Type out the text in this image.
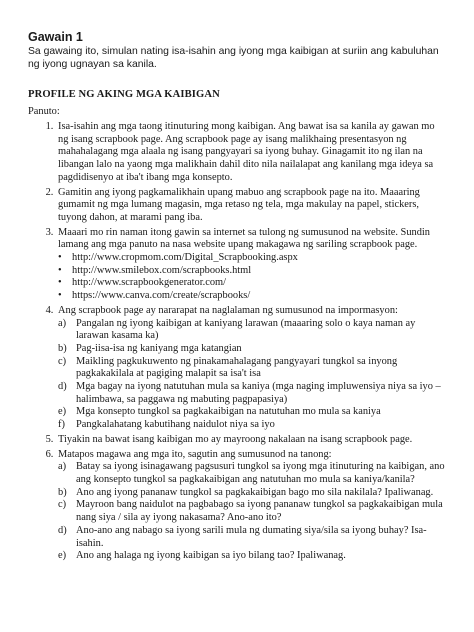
Gawain 1

Sa gawaing ito, simulan nating isa-isahin ang iyong mga kaibigan at suriin ang kabuluhan ng iyong ugnayan sa kanila.

PROFILE NG AKING MGA KAIBIGAN

Panuto:

1. Isa-isahin ang mga taong itinuturing mong kaibigan. Ang bawat isa sa kanila ay gawan mo ng isang scrapbook page. Ang scrapbook page ay isang malikhaing presentasyon ng mahahalagang mga alaala ng isang pangyayari sa iyong buhay. Ginagamit ito ng ilan na libangan lalo na yaong mga malikhain dahil dito nila nailalapat ang kanilang mga ideya sa pagdidisenyo at iba't ibang mga konsepto.
2. Gamitin ang iyong pagkamalikhain upang mabuo ang scrapbook page na ito. Maaaring gumamit ng mga lumang magasin, mga retaso ng tela, mga makulay na papel, stickers, tuyong dahon, at marami pang iba.
3. Maaari mo rin naman itong gawin sa internet sa tulong ng sumusunod na website. Sundin lamang ang mga panuto na nasa website upang makagawa ng sariling scrapbook page.
• http://www.cropmom.com/Digital_Scrapbooking.aspx
• http://www.smilebox.com/scrapbooks.html
• http://www.scrapbookgenerator.com/
• https://www.canva.com/create/scrapbooks/
4. Ang scrapbook page ay nararapat na naglalaman ng sumusunod na impormasyon:
a) Pangalan ng iyong kaibigan at kaniyang larawan (maaaring solo o kaya naman ay larawan kasama ka)
b) Pag-iisa-isa ng kaniyang mga katangian
c) Maikling pagkukuwento ng pinakamahalagang pangyayari tungkol sa inyong pagkakakilala at pagiging malapit sa isa't isa
d) Mga bagay na iyong natutuhan mula sa kaniya (mga naging impluwensiya niya sa iyo – halimbawa, sa paggawa ng mabuting pagpapasiya)
e) Mga konsepto tungkol sa pagkakaibigan na natutuhan mo mula sa kaniya
f) Pangkalahatang kabutihang naidulot niya sa iyo
5. Tiyakin na bawat isang kaibigan mo ay mayroong nakalaan na isang scrapbook page.
6. Matapos magawa ang mga ito, sagutin ang sumusunod na tanong:
a) Batay sa iyong isinagawang pagsusuri tungkol sa iyong mga itinuturing na kaibigan, ano ang konsepto tungkol sa pagkakaibigan ang natutuhan mo mula sa kaniya/kanila?
b) Ano ang iyong pananaw tungkol sa pagkakaibigan bago mo sila nakilala? Ipaliwanag.
c) Mayroon bang naidulot na pagbabago sa iyong pananaw tungkol sa pagkakaibigan mula nang siya / sila ay iyong nakasama? Ano-ano ito?
d) Ano-ano ang nabago sa iyong sarili mula ng dumating siya/sila sa iyong buhay? Isa-isahin.
e) Ano ang halaga ng iyong kaibigan sa iyo bilang tao? Ipaliwanag.
